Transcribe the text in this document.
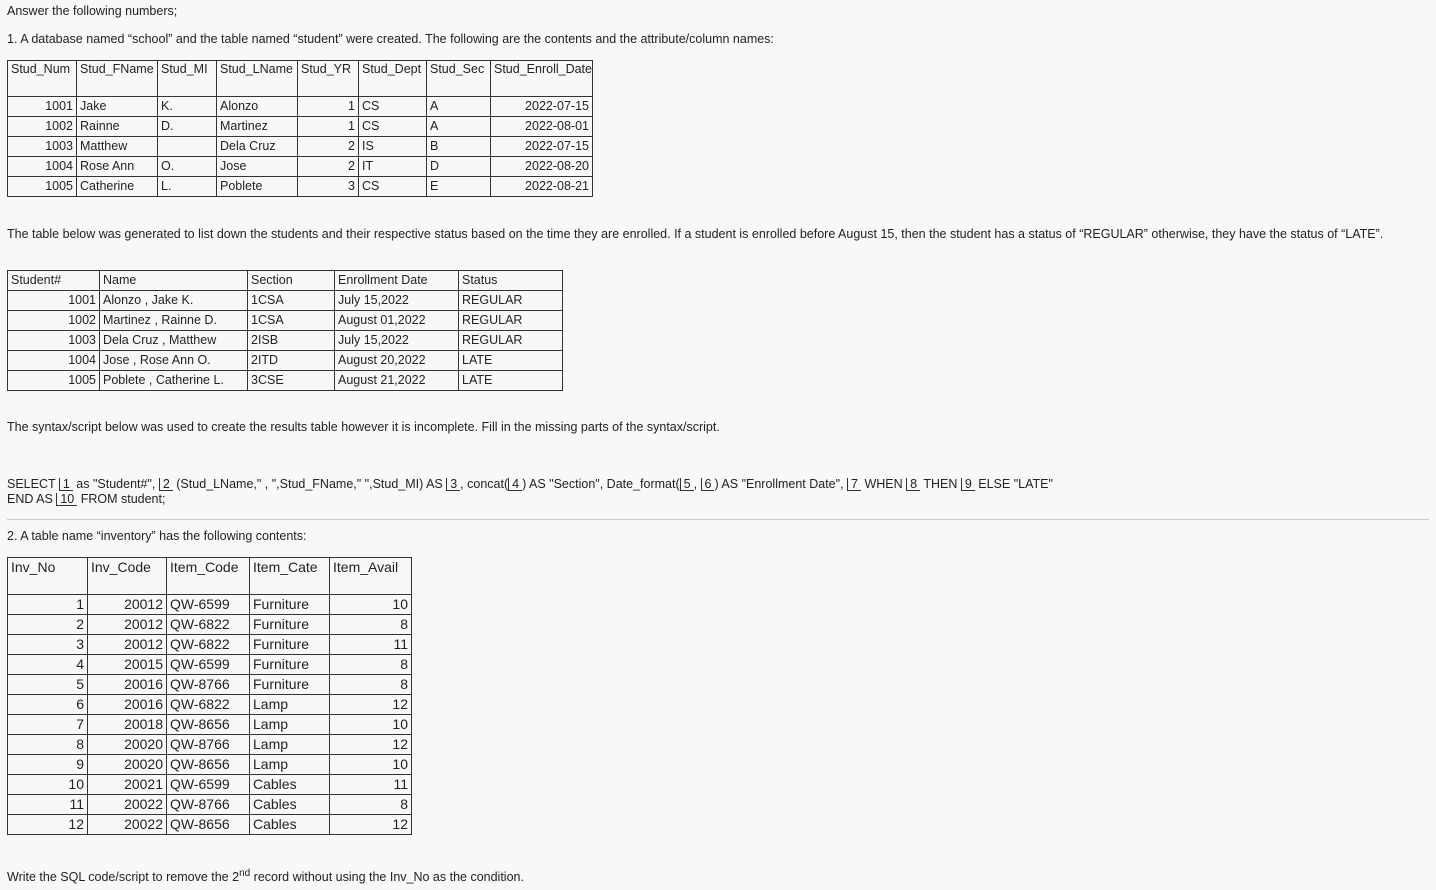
Answer the following numbers;

1. A database named “school” and the table named “student” were created. The following are the contents and the attribute/column names:

Stud_Num	Stud_FName	Stud_MI	Stud_LName	Stud_YR	Stud_Dept	Stud_Sec	Stud_Enroll_Date
1001	Jake	K.	Alonzo	1	CS	A	2022-07-15
1002	Rainne	D.	Martinez	1	CS	A	2022-08-01
1003	Matthew		Dela Cruz	2	IS	B	2022-07-15
1004	Rose Ann	O.	Jose	2	IT	D	2022-08-20
1005	Catherine	L.	Poblete	3	CS	E	2022-08-21

The table below was generated to list down the students and their respective status based on the time they are enrolled. If a student is enrolled before August 15, then the student has a status of “REGULAR” otherwise, they have the status of “LATE”.

Student#	Name	Section	Enrollment Date	Status
1001	Alonzo , Jake K.	1CSA	July 15,2022	REGULAR
1002	Martinez , Rainne D.	1CSA	August 01,2022	REGULAR
1003	Dela Cruz , Matthew	2ISB	July 15,2022	REGULAR
1004	Jose , Rose Ann O.	2ITD	August 20,2022	LATE
1005	Poblete , Catherine L.	3CSE	August 21,2022	LATE

The syntax/script below was used to create the results table however it is incomplete. Fill in the missing parts of the syntax/script.

SELECT 1 as "Student#", 2 (Stud_LName," , ",Stud_FName," ",Stud_MI) AS 3 , concat( 4 ) AS "Section", Date_format( 5 , 6 ) AS "Enrollment Date", 7 WHEN 8 THEN 9 ELSE "LATE"
END AS 10 FROM student;

2. A table name “inventory” has the following contents:

Inv_No	Inv_Code	Item_Code	Item_Cate	Item_Avail
1	20012	QW-6599	Furniture	10
2	20012	QW-6822	Furniture	8
3	20012	QW-6822	Furniture	11
4	20015	QW-6599	Furniture	8
5	20016	QW-8766	Furniture	8
6	20016	QW-6822	Lamp	12
7	20018	QW-8656	Lamp	10
8	20020	QW-8766	Lamp	12
9	20020	QW-8656	Lamp	10
10	20021	QW-6599	Cables	11
11	20022	QW-8766	Cables	8
12	20022	QW-8656	Cables	12

Write the SQL code/script to remove the 2nd record without using the Inv_No as the condition.
